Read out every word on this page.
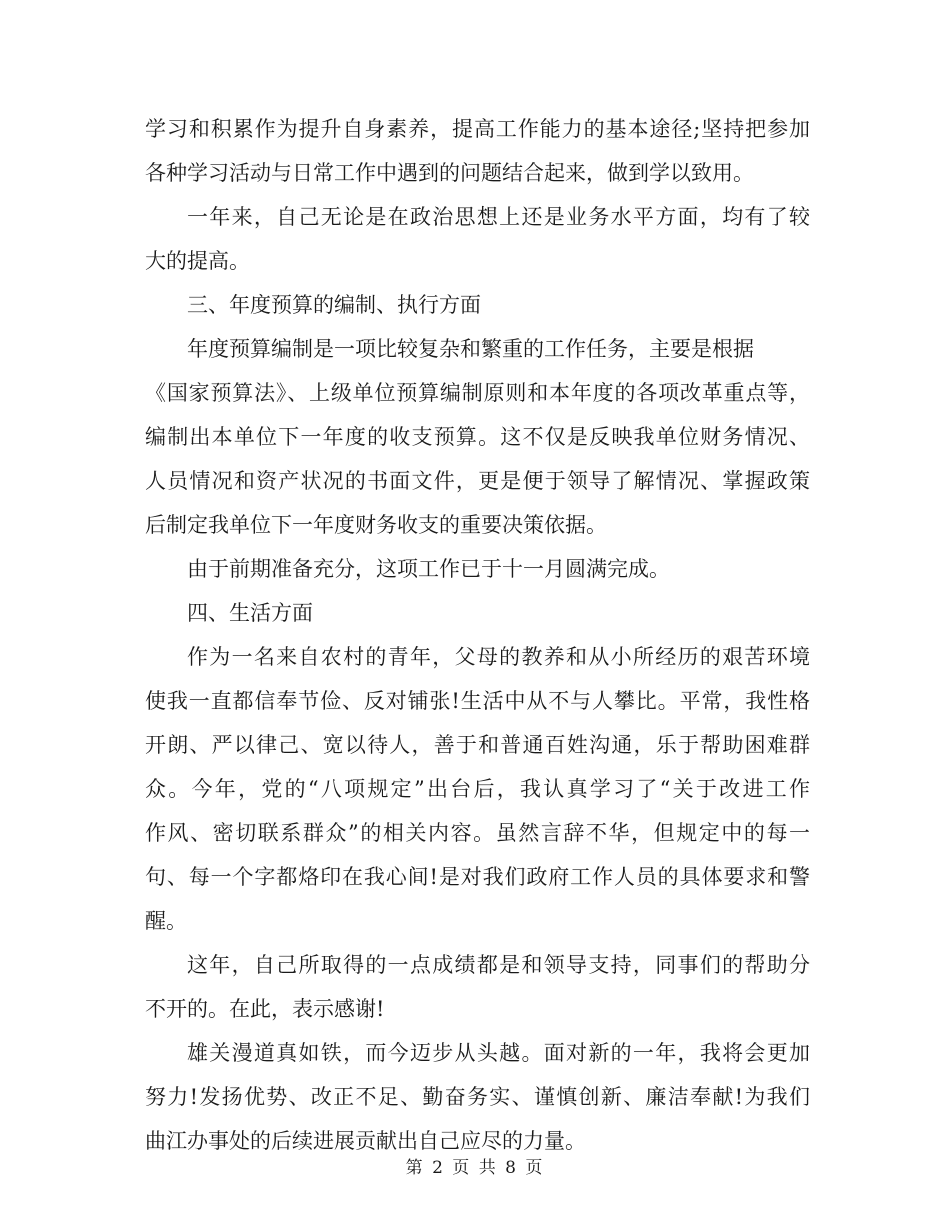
学习和积累作为提升自身素养，提高工作能力的基本途径;坚持把参加
各种学习活动与日常工作中遇到的问题结合起来，做到学以致用。
一年来，自己无论是在政治思想上还是业务水平方面，均有了较
大的提高。
三、年度预算的编制、执行方面
年度预算编制是一项比较复杂和繁重的工作任务，主要是根据
《国家预算法》、上级单位预算编制原则和本年度的各项改革重点等，
编制出本单位下一年度的收支预算。这不仅是反映我单位财务情况、
人员情况和资产状况的书面文件，更是便于领导了解情况、掌握政策
后制定我单位下一年度财务收支的重要决策依据。
由于前期准备充分，这项工作已于十一月圆满完成。
四、生活方面
作为一名来自农村的青年，父母的教养和从小所经历的艰苦环境
使我一直都信奉节俭、反对铺张!生活中从不与人攀比。平常，我性格
开朗、严以律己、宽以待人，善于和普通百姓沟通，乐于帮助困难群
众。今年，党的“八项规定”出台后，我认真学习了“关于改进工作
作风、密切联系群众”的相关内容。虽然言辞不华，但规定中的每一
句、每一个字都烙印在我心间!是对我们政府工作人员的具体要求和警
醒。
这年，自己所取得的一点成绩都是和领导支持，同事们的帮助分
不开的。在此，表示感谢!
雄关漫道真如铁，而今迈步从头越。面对新的一年，我将会更加
努力!发扬优势、改正不足、勤奋务实、谨慎创新、廉洁奉献!为我们
曲江办事处的后续进展贡献出自己应尽的力量。
第 2 页 共 8 页
